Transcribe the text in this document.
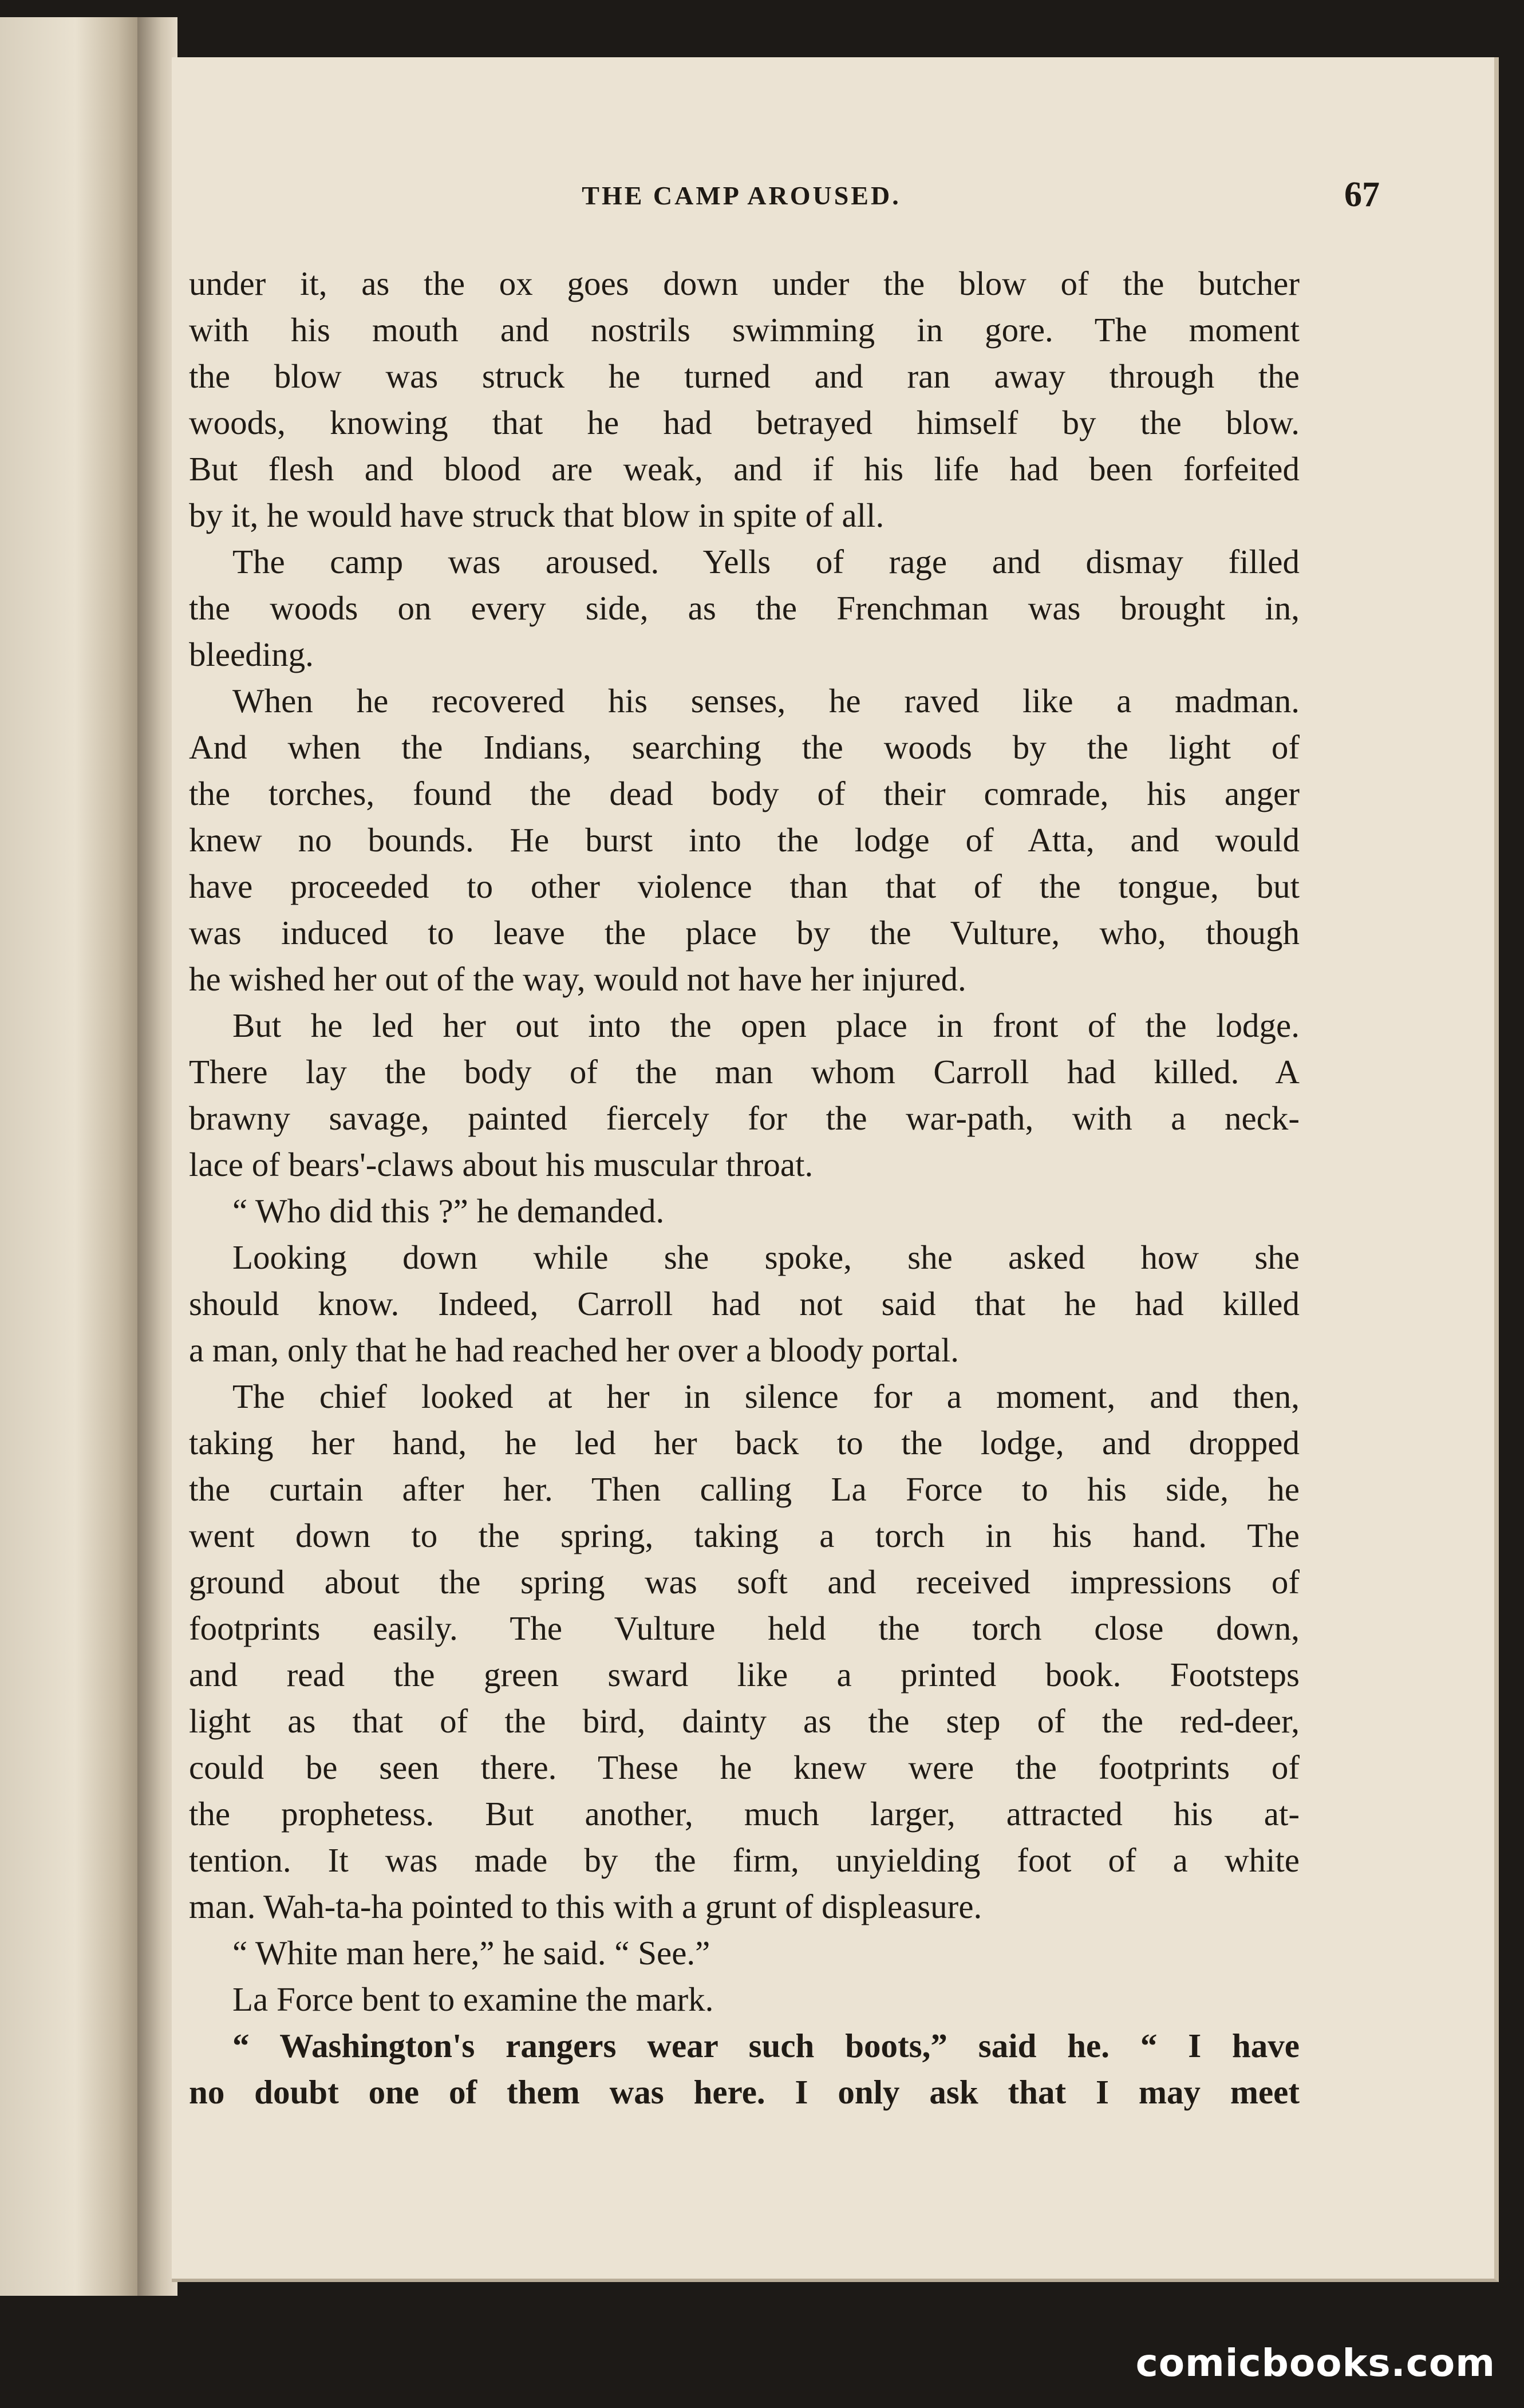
THE CAMP AROUSED.	67
under it, as the ox goes down under the blow of the butcher
with his mouth and nostrils swimming in gore. The moment
the blow was struck he turned and ran away through the
woods, knowing that he had betrayed himself by the blow.
But flesh and blood are weak, and if his life had been forfeited
by it, he would have struck that blow in spite of all.
The camp was aroused. Yells of rage and dismay filled
the woods on every side, as the Frenchman was brought in,
bleeding.
When he recovered his senses, he raved like a madman.
And when the Indians, searching the woods by the light of
the torches, found the dead body of their comrade, his anger
knew no bounds. He burst into the lodge of Atta, and would
have proceeded to other violence than that of the tongue, but
was induced to leave the place by the Vulture, who, though
he wished her out of the way, would not have her injured.
But he led her out into the open place in front of the lodge.
There lay the body of the man whom Carroll had killed. A
brawny savage, painted fiercely for the war-path, with a neck-
lace of bears'-claws about his muscular throat.
“ Who did this ?” he demanded.
Looking down while she spoke, she asked how she
should know. Indeed, Carroll had not said that he had killed
a man, only that he had reached her over a bloody portal.
The chief looked at her in silence for a moment, and then,
taking her hand, he led her back to the lodge, and dropped
the curtain after her. Then calling La Force to his side, he
went down to the spring, taking a torch in his hand. The
ground about the spring was soft and received impressions of
footprints easily. The Vulture held the torch close down,
and read the green sward like a printed book. Footsteps
light as that of the bird, dainty as the step of the red-deer,
could be seen there. These he knew were the footprints of
the prophetess. But another, much larger, attracted his at-
tention. It was made by the firm, unyielding foot of a white
man. Wah-ta-ha pointed to this with a grunt of displeasure.
“ White man here,” he said. “ See.”
La Force bent to examine the mark.
“ Washington's rangers wear such boots,” said he. “ I have
no doubt one of them was here. I only ask that I may meet
comicbooks.com
